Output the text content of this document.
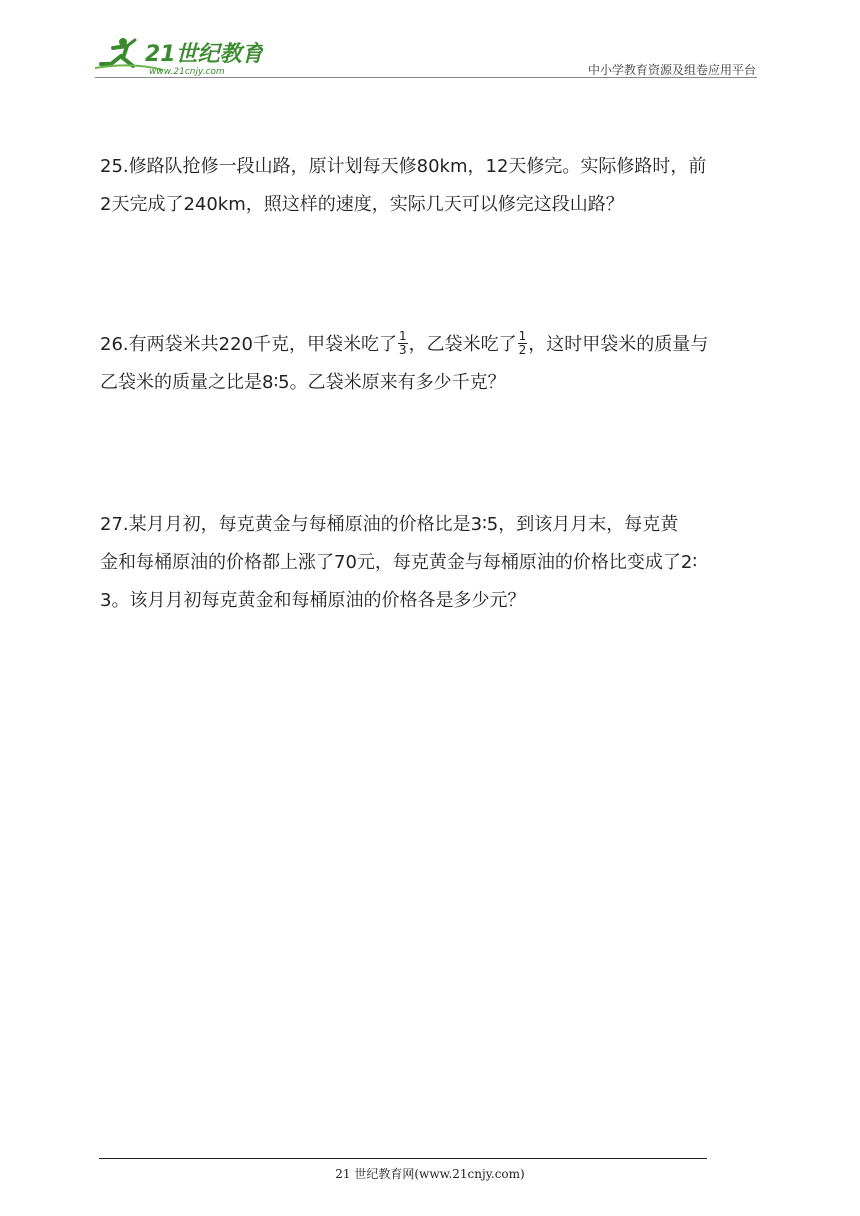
21世纪教育
www.21cnjy.com	中小学教育资源及组卷应用平台
25.修路队抢修一段山路，原计划每天修80km，12天修完。实际修路时，前
2天完成了240km，照这样的速度，实际几天可以修完这段山路？
26.有两袋米共220千克，甲袋米吃了 $\frac{1}{3}$ ，乙袋米吃了 $\frac{1}{2}$ ，这时甲袋米的质量与
乙袋米的质量之比是8∶5。乙袋米原来有多少千克？
27.某月月初，每克黄金与每桶原油的价格比是3∶5，到该月月末，每克黄
金和每桶原油的价格都上涨了70元，每克黄金与每桶原油的价格比变成了2∶
3。该月月初每克黄金和每桶原油的价格各是多少元？
21 世纪教育网(www.21cnjy.com)
